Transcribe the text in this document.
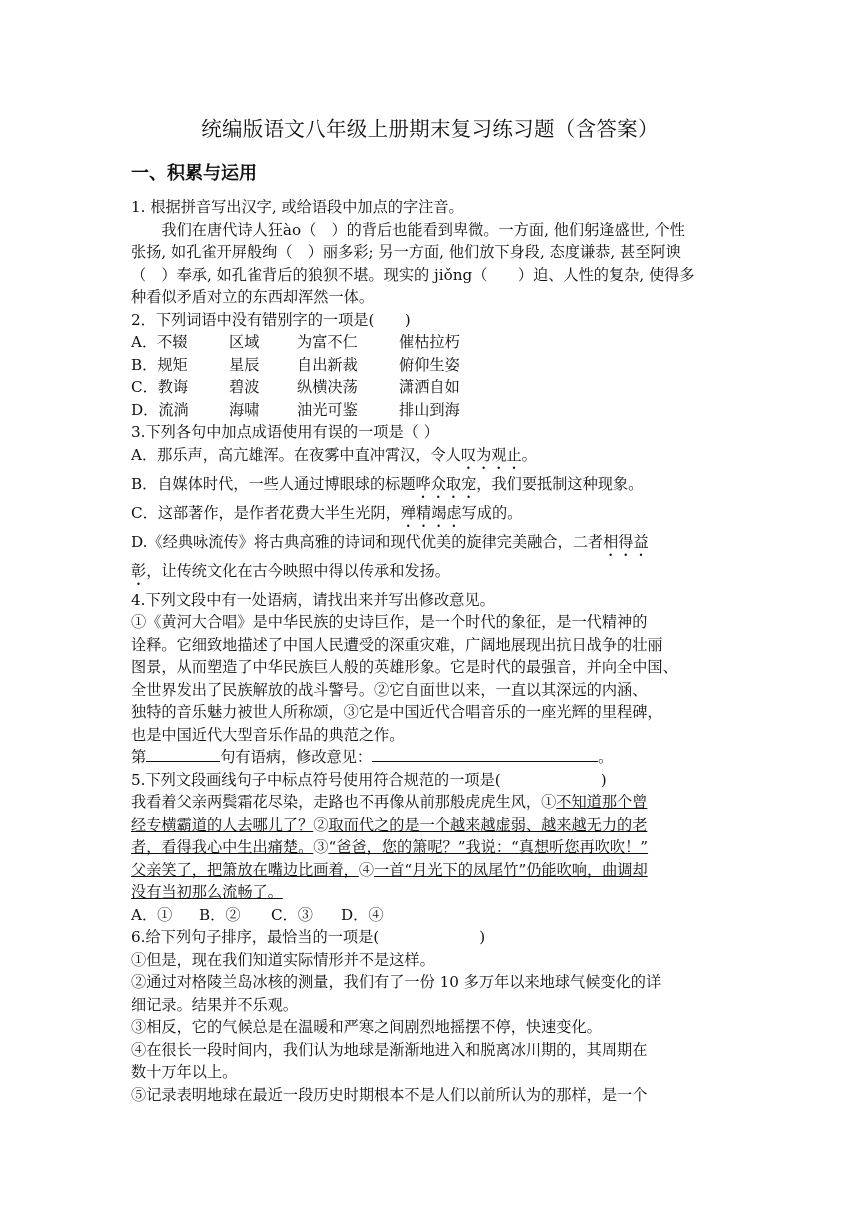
统编版语文八年级上册期末复习练习题（含答案）
一、积累与运用

1. 根据拼音写出汉字, 或给语段中加点的字注音。

我们在唐代诗人狂ào（　）的背后也能看到卑微。一方面, 他们躬逢盛世, 个性

张扬, 如孔雀开屏般绚（　）丽多彩; 另一方面, 他们放下身段, 态度谦恭, 甚至阿谀

（　）奉承, 如孔雀背后的狼狈不堪。现实的 jiǒng（　　）迫、人性的复杂, 使得多

种看似矛盾对立的东西却浑然一体。

2．下列词语中没有错别字的一项是(　　)

A．不辍	区域 为富不仁	催枯拉朽

B．规矩	星辰 自出新裁	俯仰生姿

C．教诲	碧波 纵横决荡	潇洒自如

D．流淌	海啸 油光可鉴	排山到海

3.下列各句中加点成语使用有误的一项是（ ）

A．那乐声，高亢雄浑。在夜雾中直冲霄汉，令人叹为观止。

B．自媒体时代，一些人通过博眼球的标题哗众取宠，我们要抵制这种现象。

C．这部著作，是作者花费大半生光阴，殚精竭虑写成的。

D.《经典咏流传》将古典高雅的诗词和现代优美的旋律完美融合，二者相得益

彰，让传统文化在古今映照中得以传承和发扬。

4.下列文段中有一处语病，请找出来并写出修改意见。

①《黄河大合唱》是中华民族的史诗巨作，是一个时代的象征，是一代精神的

诠释。它细致地描述了中国人民遭受的深重灾难，广阔地展现出抗日战争的壮丽

图景，从而塑造了中华民族巨人般的英雄形象。它是时代的最强音，并向全中国、

全世界发出了民族解放的战斗警号。②它自面世以来，一直以其深远的内涵、

独特的音乐魅力被世人所称颂，③它是中国近代合唱音乐的一座光辉的里程碑，

也是中国近代大型音乐作品的典范之作。

第	句有语病，修改意见：	。

5.下列文段画线句子中标点符号使用符合规范的一项是(	)

我看着父亲两鬓霜花尽染，走路也不再像从前那般虎虎生风，①不知道那个曾

经专横霸道的人去哪儿了？②取而代之的是一个越来越虚弱、越来越无力的老

者，看得我心中生出痛楚。③“爸爸，您的箫呢？”我说：“真想听您再吹吹！”

父亲笑了，把箫放在嘴边比画着，④一首“月光下的凤尾竹”仍能吹响，曲调却

没有当初那么流畅了。

A．① B．② C．③ D．④

6.给下列句子排序，最恰当的一项是(	)

①但是，现在我们知道实际情形并不是这样。

②通过对格陵兰岛冰核的测量，我们有了一份 10 多万年以来地球气候变化的详

细记录。结果并不乐观。

③相反，它的气候总是在温暖和严寒之间剧烈地摇摆不停，快速变化。

④在很长一段时间内，我们认为地球是渐渐地进入和脱离冰川期的，其周期在

数十万年以上。

⑤记录表明地球在最近一段历史时期根本不是人们以前所认为的那样，是一个
